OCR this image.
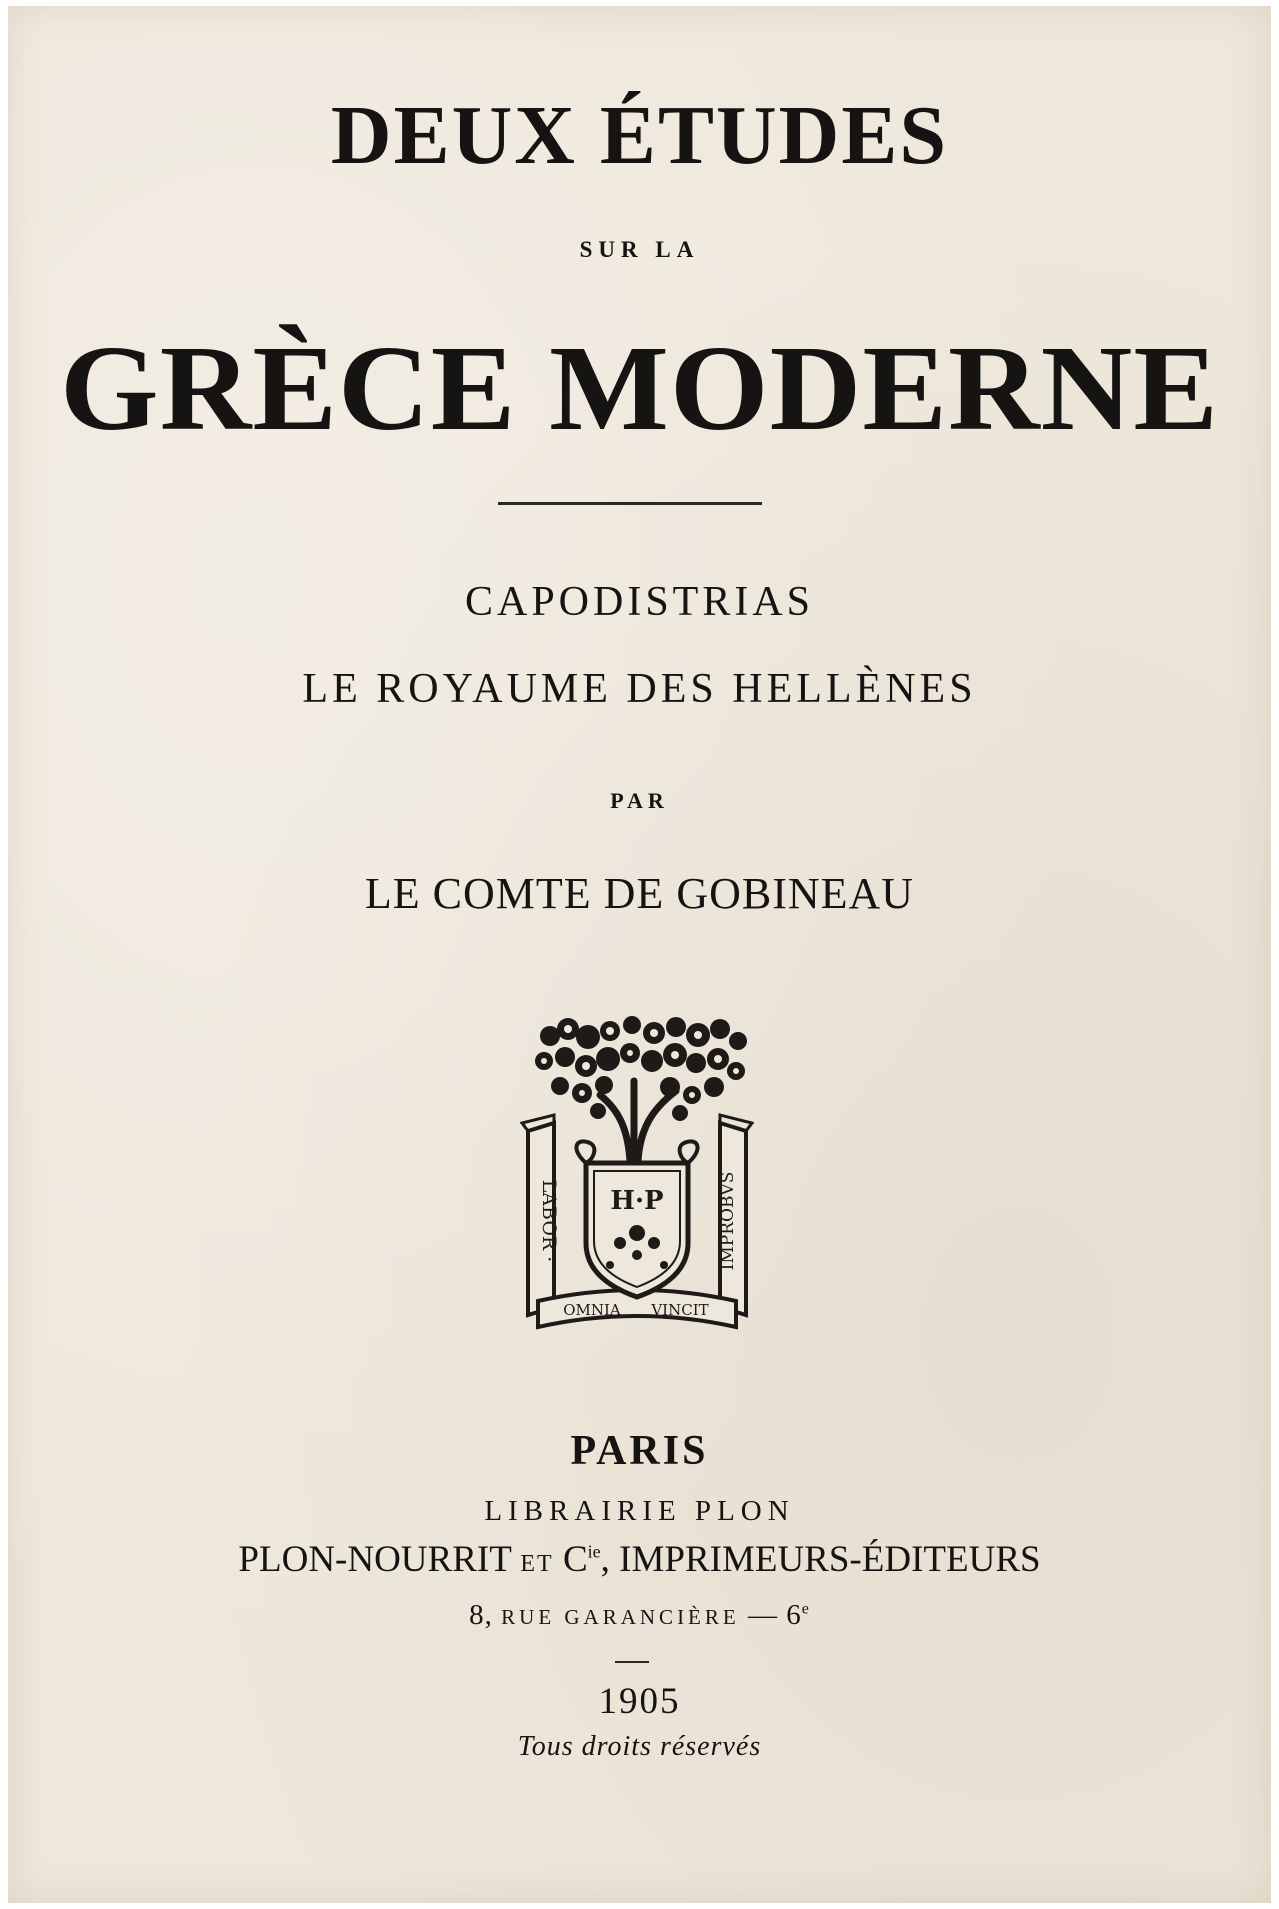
DEUX ÉTUDES
SUR LA
GRÈCE MODERNE
CAPODISTRIAS
LE ROYAUME DES HELLÈNES
PAR
LE COMTE DE GOBINEAU
LABOR ·	IMPROBVS
OMNIA VINCIT
H·P
PARIS
LIBRAIRIE PLON
PLON-NOURRIT ET $C^{ie}$, IMPRIMEURS-ÉDITEURS
8, RUE GARANCIÈRE — 6e
1905
Tous droits réservés
